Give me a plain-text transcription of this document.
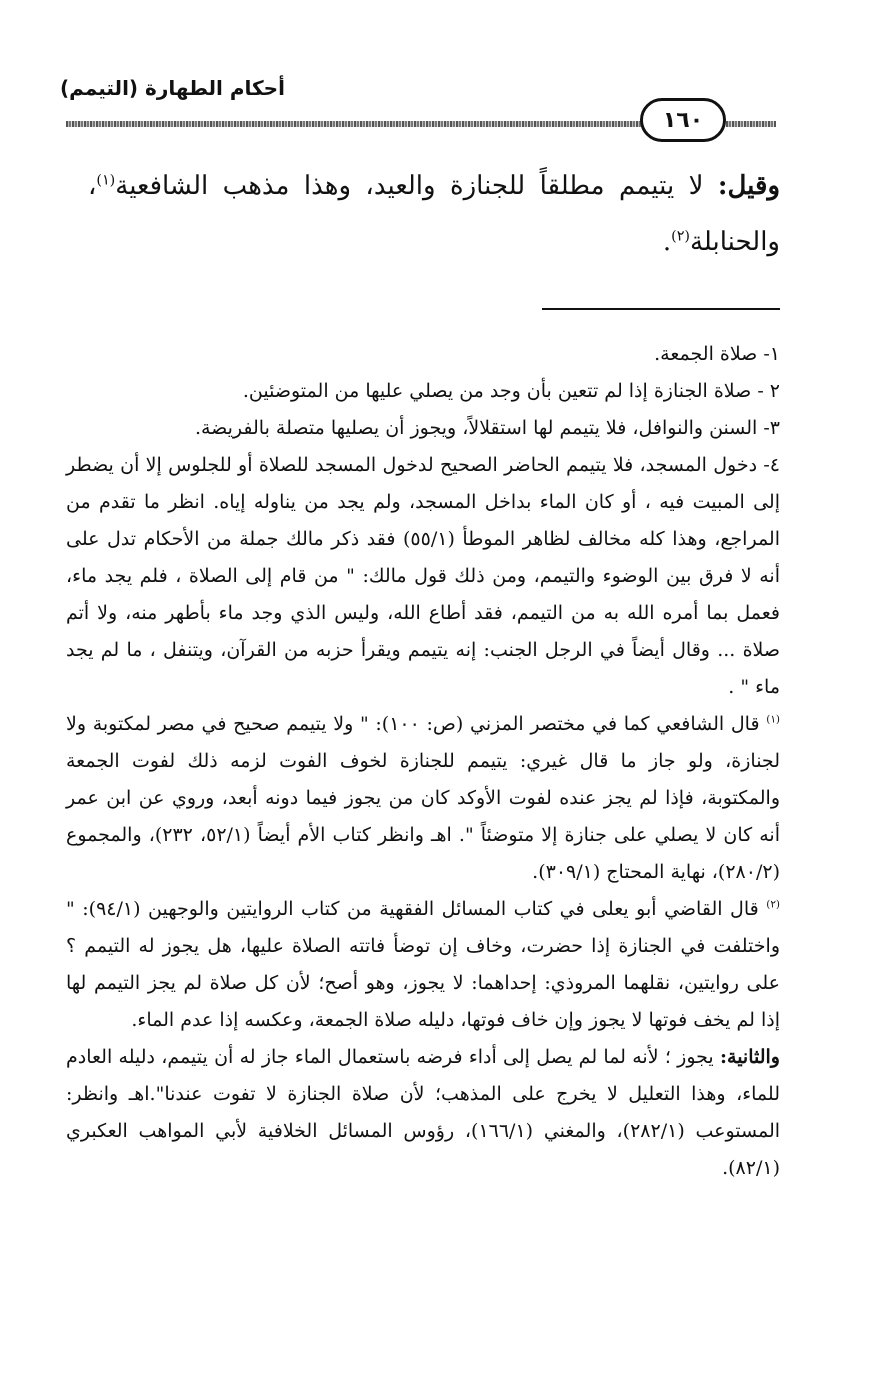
أحكام الطهارة (التيمم)
١٦٠
وقيل: لا يتيمم مطلقاً للجنازة والعيد، وهذا مذهب الشافعية$^{(١)}$، والحنابلة$^{(٢)}$.

١- صلاة الجمعة.

٢ - صلاة الجنازة إذا لم تتعين بأن وجد من يصلي عليها من المتوضئين.

٣- السنن والنوافل، فلا يتيمم لها استقلالاً، ويجوز أن يصليها متصلة بالفريضة.

٤- دخول المسجد، فلا يتيمم الحاضر الصحيح لدخول المسجد للصلاة أو للجلوس إلا أن يضطر إلى المبيت فيه ، أو كان الماء بداخل المسجد، ولم يجد من يناوله إياه. انظر ما تقدم من المراجع، وهذا كله مخالف لظاهر الموطأ (٥٥/١) فقد ذكر مالك جملة من الأحكام تدل على أنه لا فرق بين الوضوء والتيمم، ومن ذلك قول مالك: " من قام إلى الصلاة ، فلم يجد ماء، فعمل بما أمره الله به من التيمم، فقد أطاع الله، وليس الذي وجد ماء بأطهر منه، ولا أتم صلاة ... وقال أيضاً في الرجل الجنب: إنه يتيمم ويقرأ حزبه من القرآن، ويتنفل ، ما لم يجد ماء " .

$^{(١)}$ قال الشافعي كما في مختصر المزني (ص: ١٠٠): " ولا يتيمم صحيح في مصر لمكتوبة ولا لجنازة، ولو جاز ما قال غيري: يتيمم للجنازة لخوف الفوت لزمه ذلك لفوت الجمعة والمكتوبة، فإذا لم يجز عنده لفوت الأوكد كان من يجوز فيما دونه أبعد، وروي عن ابن عمر أنه كان لا يصلي على جنازة إلا متوضئاً ". اهـ وانظر كتاب الأم أيضاً (٥٢/١، ٢٣٢)، والمجموع (٢٨٠/٢)، نهاية المحتاج (٣٠٩/١).

$^{(٢)}$ قال القاضي أبو يعلى في كتاب المسائل الفقهية من كتاب الروايتين والوجهين (٩٤/١): " واختلفت في الجنازة إذا حضرت، وخاف إن توضأ فاتته الصلاة عليها، هل يجوز له التيمم ؟ على روايتين، نقلهما المروذي: إحداهما: لا يجوز، وهو أصح؛ لأن كل صلاة لم يجز التيمم لها إذا لم يخف فوتها لا يجوز وإن خاف فوتها، دليله صلاة الجمعة، وعكسه إذا عدم الماء.

والثانية: يجوز ؛ لأنه لما لم يصل إلى أداء فرضه باستعمال الماء جاز له أن يتيمم، دليله العادم للماء، وهذا التعليل لا يخرج على المذهب؛ لأن صلاة الجنازة لا تفوت عندنا".اهـ وانظر: المستوعب (٢٨٢/١)، والمغني (١٦٦/١)، رؤوس المسائل الخلافية لأبي المواهب العكبري (٨٢/١).
